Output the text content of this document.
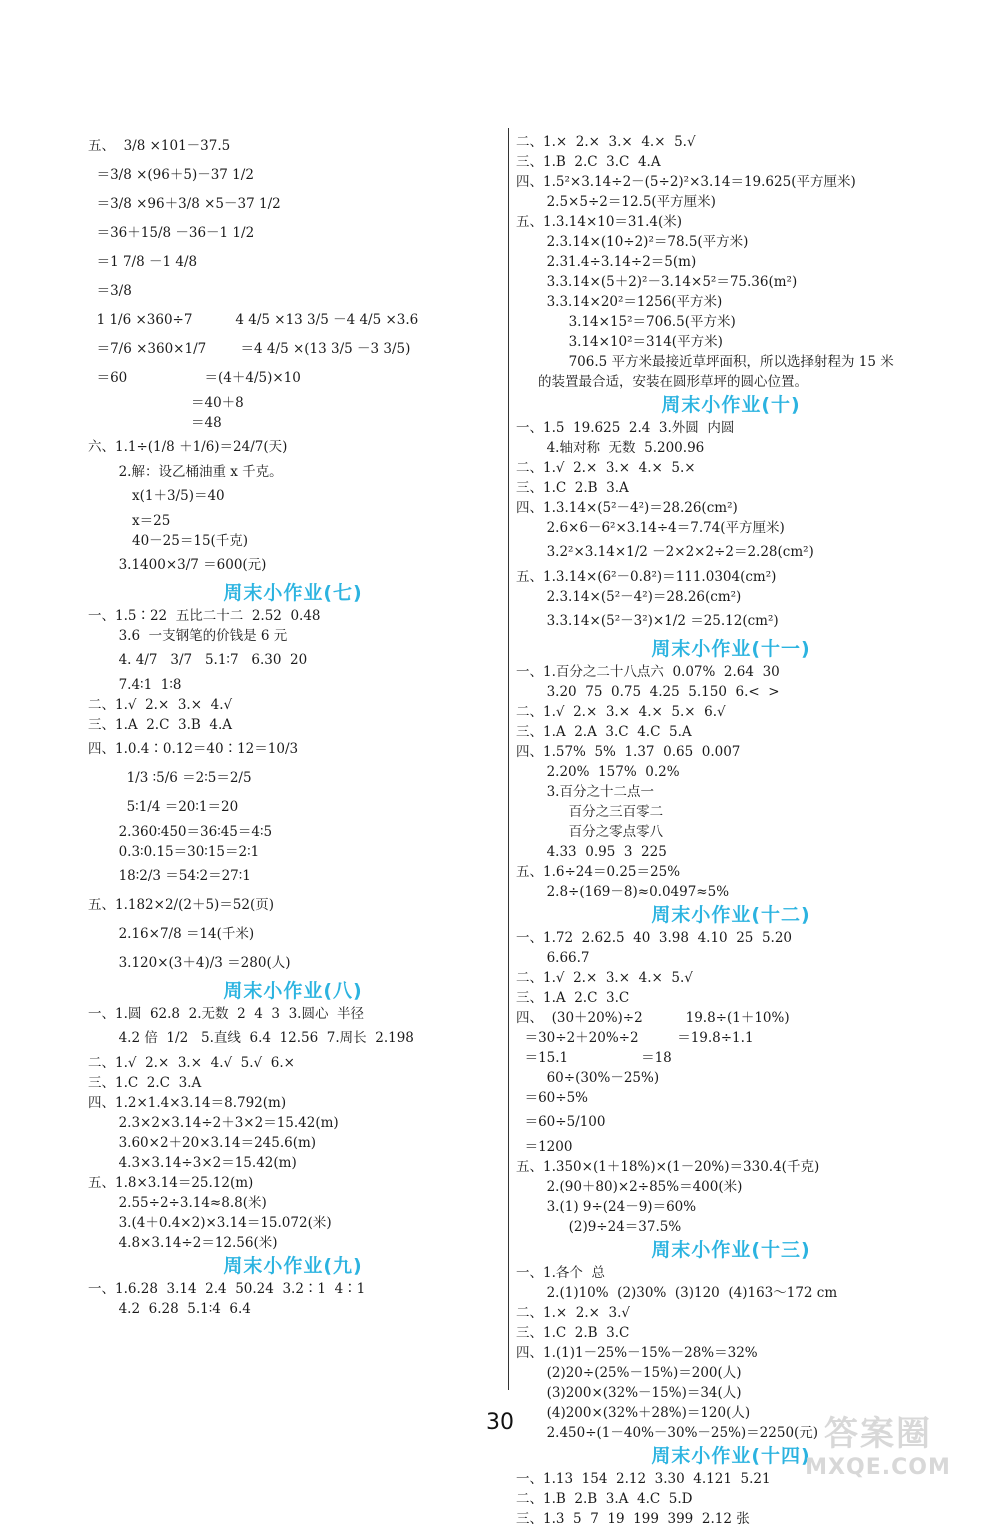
五、  3/8 ×101－37.5
＝3/8 ×(96＋5)－37 1/2
＝3/8 ×96＋3/8 ×5－37 1/2
＝36＋15/8 －36－1 1/2
＝1 7/8 －1 4/8
＝3/8
1 1/6 ×360÷7          4 4/5 ×13 3/5 －4 4/5 ×3.6
＝7/6 ×360×1/7        ＝4 4/5 ×(13 3/5 －3 3/5)
＝60                  ＝(4＋4/5)×10
＝40＋8
＝48
六、1.1÷(1/8 ＋1/6)＝24/7(天)
2.解：设乙桶油重 x 千克。
x(1＋3/5)＝40
x＝25
40－25＝15(千克)
3.1400×3/7 ＝600(元)
周末小作业(七)
一、1.5∶22  五比二十二  2.52  0.48
3.6  一支钢笔的价钱是 6 元
4. 4/7   3/7   5.1∶7   6.30  20
7.4∶1  1∶8
二、1.√  2.×  3.×  4.√
三、1.A  2.C  3.B  4.A
四、1.0.4∶0.12＝40∶12＝10/3
1/3 ∶5/6 ＝2∶5＝2/5
5∶1/4 ＝20∶1＝20
2.360∶450＝36∶45＝4∶5
0.3∶0.15＝30∶15＝2∶1
18∶2/3 ＝54∶2＝27∶1
五、1.182×2/(2＋5)＝52(页)
2.16×7/8 ＝14(千米)
3.120×(3＋4)/3 ＝280(人)
周末小作业(八)
一、1.圆  62.8  2.无数  2  4  3  3.圆心  半径
4.2 倍  1/2   5.直线  6.4  12.56  7.周长  2.198
二、1.√  2.×  3.×  4.√  5.√  6.×
三、1.C  2.C  3.A
四、1.2×1.4×3.14＝8.792(m)
2.3×2×3.14÷2＋3×2＝15.42(m)
3.60×2＋20×3.14＝245.6(m)
4.3×3.14÷3×2＝15.42(m)
五、1.8×3.14＝25.12(m)
2.55÷2÷3.14≈8.8(米)
3.(4＋0.4×2)×3.14＝15.072(米)
4.8×3.14÷2＝12.56(米)
周末小作业(九)
一、1.6.28  3.14  2.4  50.24  3.2∶1  4∶1
4.2  6.28  5.1∶4  6.4
二、1.×  2.×  3.×  4.×  5.√
三、1.B  2.C  3.C  4.A
四、1.5²×3.14÷2－(5÷2)²×3.14＝19.625(平方厘米)
2.5×5÷2＝12.5(平方厘米)
五、1.3.14×10＝31.4(米)
2.3.14×(10÷2)²＝78.5(平方米)
2.31.4÷3.14÷2＝5(m)
3.3.14×(5＋2)²－3.14×5²＝75.36(m²)
3.3.14×20²＝1256(平方米)
3.14×15²＝706.5(平方米)
3.14×10²＝314(平方米)
706.5 平方米最接近草坪面积，所以选择射程为 15 米
的装置最合适，安装在圆形草坪的圆心位置。
周末小作业(十)
一、1.5  19.625  2.4  3.外圆  内圆
4.轴对称  无数  5.200.96
二、1.√  2.×  3.×  4.×  5.×
三、1.C  2.B  3.A
四、1.3.14×(5²－4²)＝28.26(cm²)
2.6×6－6²×3.14÷4＝7.74(平方厘米)
3.2²×3.14×1/2 －2×2×2÷2＝2.28(cm²)
五、1.3.14×(6²－0.8²)＝111.0304(cm²)
2.3.14×(5²－4²)＝28.26(cm²)
3.3.14×(5²－3²)×1/2 ＝25.12(cm²)
周末小作业(十一)
一、1.百分之二十八点六  0.07%  2.64  30
3.20  75  0.75  4.25  5.150  6.<  >
二、1.√  2.×  3.×  4.×  5.×  6.√
三、1.A  2.A  3.C  4.C  5.A
四、1.57%  5%  1.37  0.65  0.007
2.20%  157%  0.2%
3.百分之十二点一
百分之三百零二
百分之零点零八
4.33  0.95  3  225
五、1.6÷24＝0.25＝25%
2.8÷(169－8)≈0.0497≈5%
周末小作业(十二)
一、1.72  2.62.5  40  3.98  4.10  25  5.20
6.66.7
二、1.√  2.×  3.×  4.×  5.√
三、1.A  2.C  3.C
四、  (30＋20%)÷2          19.8÷(1＋10%)
＝30÷2＋20%÷2         ＝19.8÷1.1
＝15.1                 ＝18
60÷(30%－25%)
＝60÷5%
＝60÷5/100
＝1200
五、1.350×(1＋18%)×(1－20%)＝330.4(千克)
2.(90＋80)×2÷85%＝400(米)
3.(1) 9÷(24－9)＝60%
(2)9÷24＝37.5%
周末小作业(十三)
一、1.各个  总
2.(1)10%  (2)30%  (3)120  (4)163～172 cm
二、1.×  2.×  3.√
三、1.C  2.B  3.C
四、1.(1)1－25%－15%－28%＝32%
(2)20÷(25%－15%)＝200(人)
(3)200×(32%－15%)＝34(人)
(4)200×(32%＋28%)＝120(人)
2.450÷(1－40%－30%－25%)＝2250(元)
周末小作业(十四)
一、1.13  154  2.12  3.30  4.121  5.21
二、1.B  2.B  3.A  4.C  5.D
三、1.3  5  7  19  199  399  2.12 张
30	答案圈
MXQE.COM
